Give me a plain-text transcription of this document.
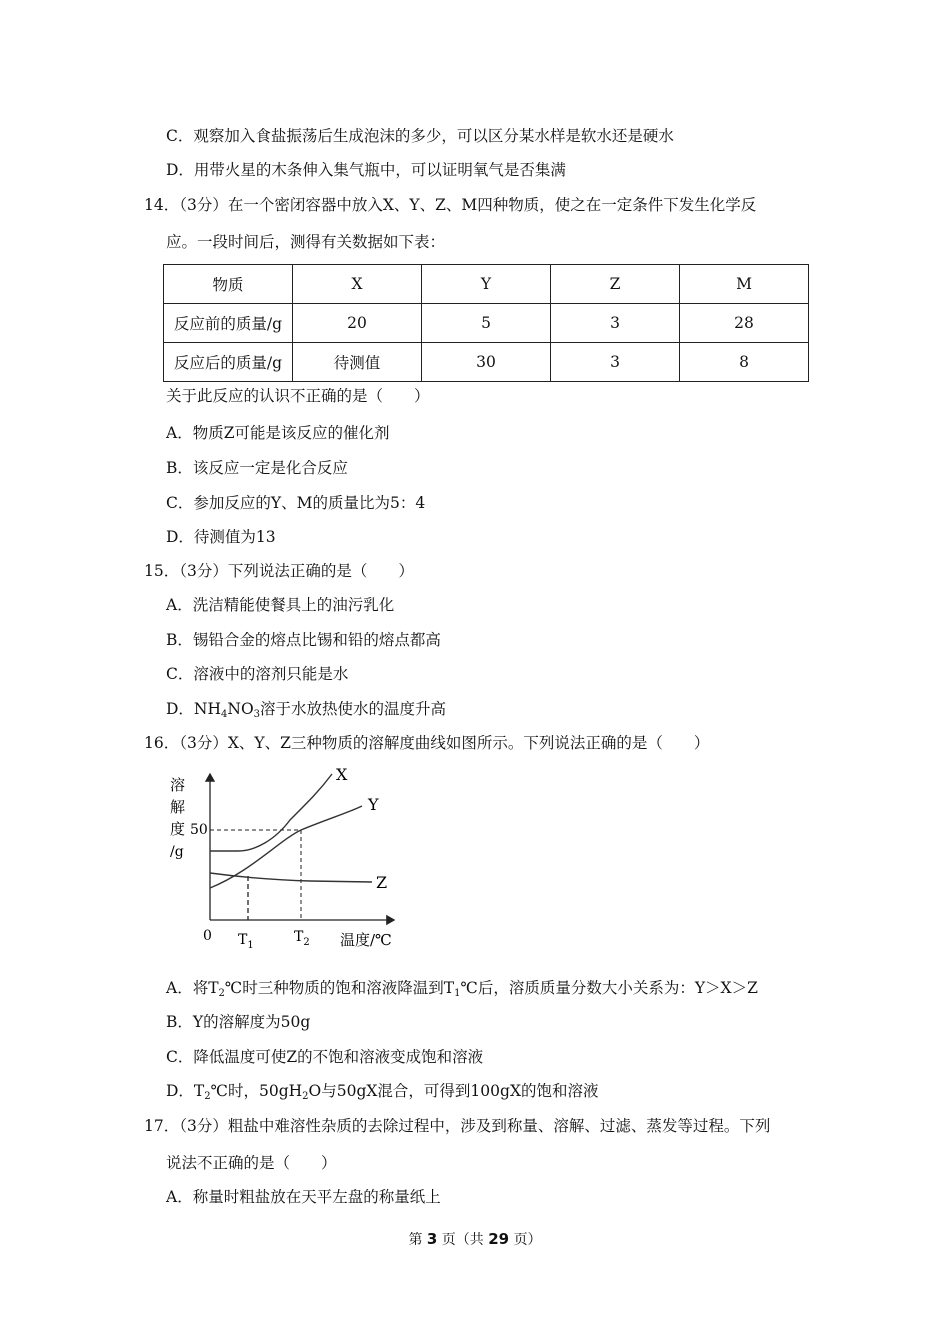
C．观察加入食盐振荡后生成泡沫的多少，可以区分某水样是软水还是硬水
D．用带火星的木条伸入集气瓶中，可以证明氧气是否集满
14．（3分）在一个密闭容器中放入X、Y、Z、M四种物质，使之在一定条件下发生化学反
应。一段时间后，测得有关数据如下表：
物质	X	Y	Z	M
反应前的质量/g	20	5	3	28
反应后的质量/g	待测值	30	3	8
关于此反应的认识不正确的是（　　）
A．物质Z可能是该反应的催化剂
B．该反应一定是化合反应
C．参加反应的Y、M的质量比为5：4
D．待测值为13
15．（3分）下列说法正确的是（　　）
A．洗洁精能使餐具上的油污乳化
B．锡铅合金的熔点比锡和铅的熔点都高
C．溶液中的溶剂只能是水
D．$NH_4NO_3$溶于水放热使水的温度升高
16．（3分）X、Y、Z三种物质的溶解度曲线如图所示。下列说法正确的是（　　）
溶
解
度
/g
50
X
Y
Z
0 $T_1$
$T_2$ 温度/℃
A．将$T_2℃$时三种物质的饱和溶液降温到$T_1℃$后，溶质质量分数大小关系为：Y＞X＞Z
B．Y的溶解度为50g
C．降低温度可使Z的不饱和溶液变成饱和溶液
D．$T_2℃$时，$50gH_2O$与50gX混合，可得到100gX的饱和溶液
17．（3分）粗盐中难溶性杂质的去除过程中，涉及到称量、溶解、过滤、蒸发等过程。下列
说法不正确的是（　　）
A．称量时粗盐放在天平左盘的称量纸上
第 3 页（共 29 页）
